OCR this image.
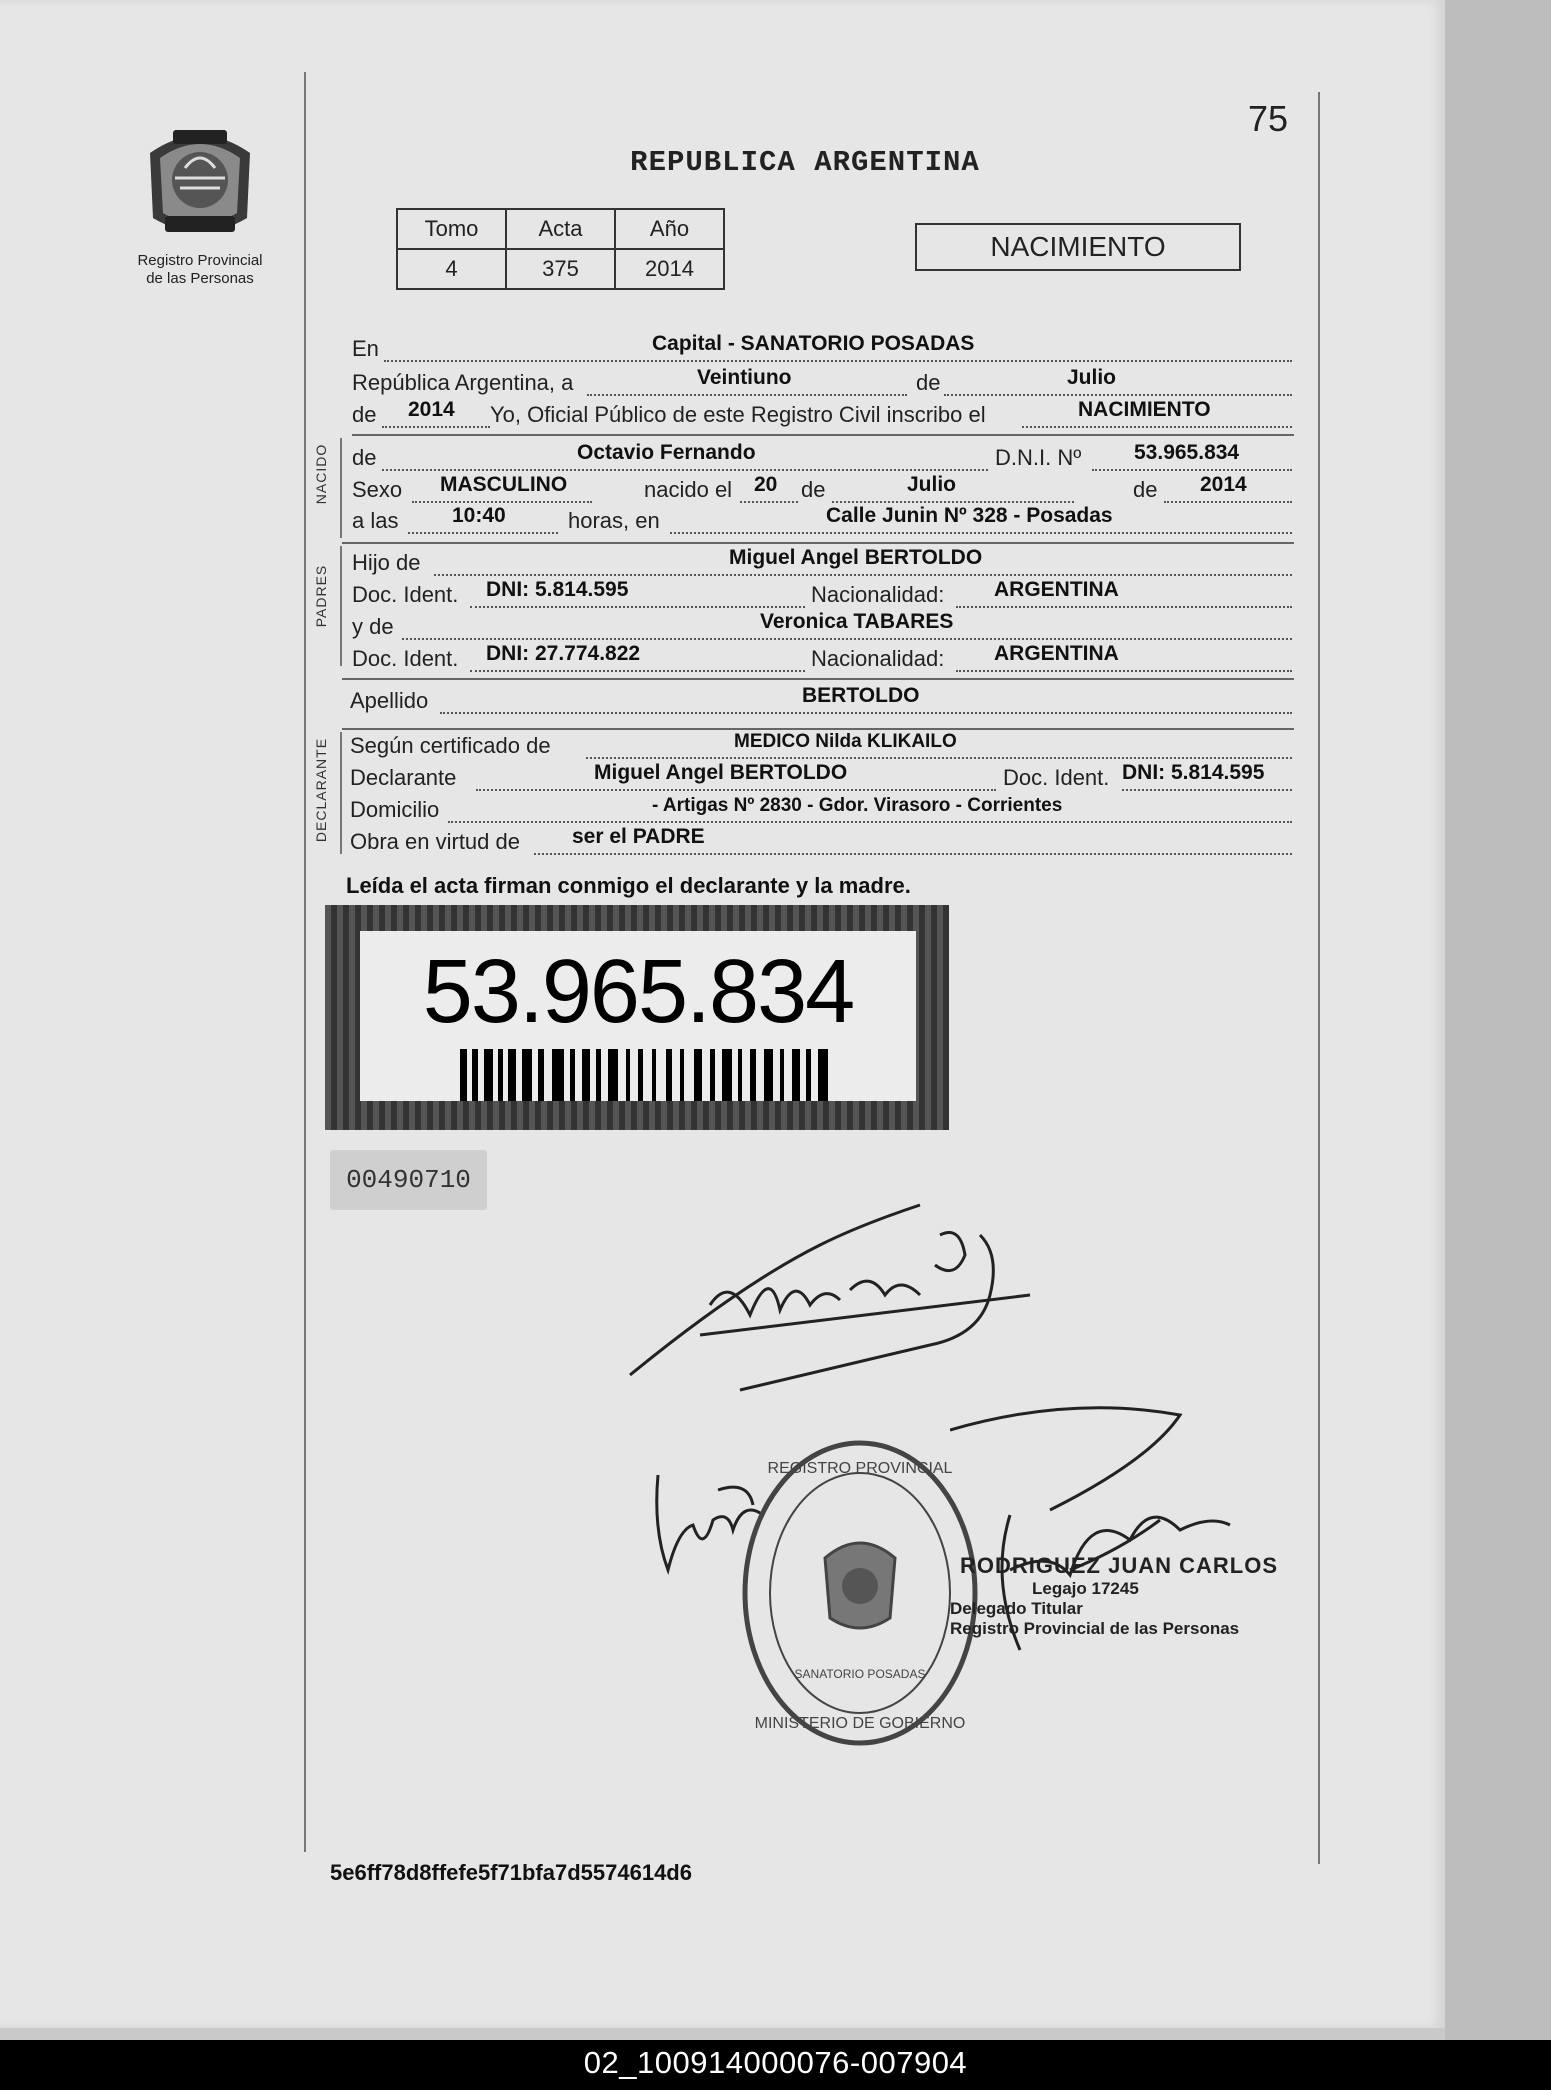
Registro Provincial
de las Personas
75
REPUBLICA ARGENTINA
Tomo	Acta	Año
4	375	2014
NACIMIENTO
En	Capital - SANATORIO POSADAS
República Argentina, a	Veintiuno	de	Julio
de 2014 Yo, Oficial Público de este Registro Civil inscribo el	NACIMIENTO
NACIDO de	Octavio Fernando	D.N.I. Nº	53.965.834
Sexo MASCULINO	nacido el 20 de	Julio	de 2014
a las	10:40	horas, en	Calle Junin Nº 328 - Posadas
PADRES
Hijo de	Miguel Angel BERTOLDO
Doc. Ident. DNI: 5.814.595	Nacionalidad: ARGENTINA
y de	Veronica TABARES
Doc. Ident. DNI: 27.774.822	Nacionalidad: ARGENTINA
Apellido	BERTOLDO
DECLARANTE Según certificado de	MEDICO Nilda KLIKAILO
Declarante	Miguel Angel BERTOLDO	Doc. Ident. DNI: 5.814.595
Domicilio	- Artigas Nº 2830 - Gdor. Virasoro - Corrientes
Obra en virtud de ser el PADRE
Leída el acta firman conmigo el declarante y la madre.
53.965.834
00490710
REGISTRO PROVINCIAL
MINISTERIO DE GOBIERNO
SANATORIO POSADAS
RODRIGUEZ JUAN CARLOS
Legajo 17245
Delegado Titular
Registro Provincial de las Personas
5e6ff78d8ffefe5f71bfa7d5574614d6
02_100914000076-007904
